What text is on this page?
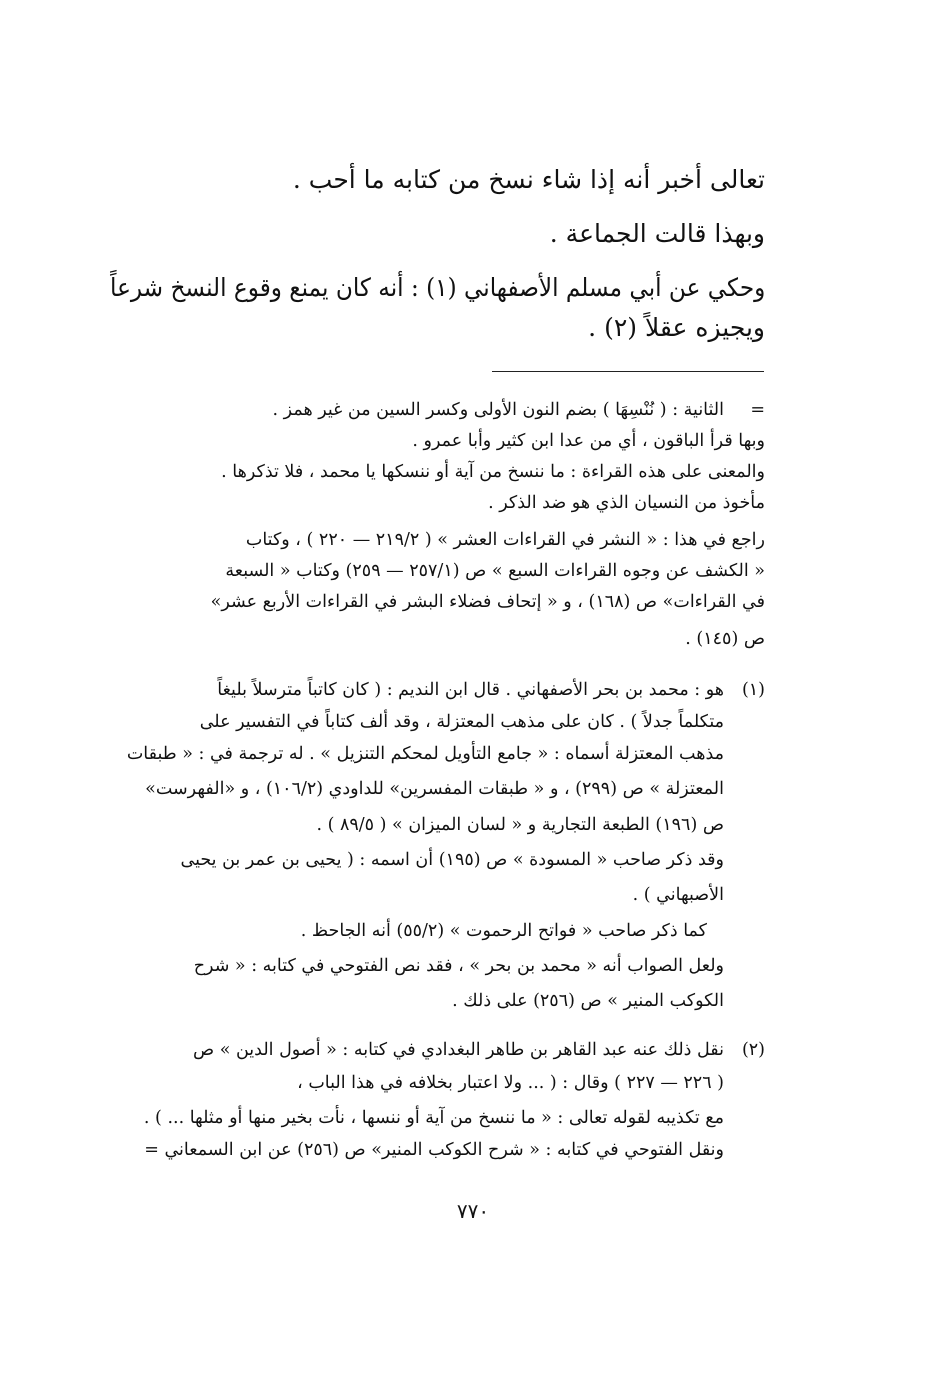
تعالى أخبر أنه إذا شاء نسخ من كتابه ما أحب .
وبهذا قالت الجماعة .
وحكي عن أبي مسلم الأصفهاني (١) : أنه كان يمنع وقوع النسخ شرعاً
ويجيزه عقلاً (٢) .
=
الثانية : ( نُنْسِهَا ) بضم النون الأولى وكسر السين من غير همز .
وبها قرأ الباقون ، أي من عدا ابن كثير وأبا عمرو .
والمعنى على هذه القراءة : ما ننسخ من آية أو ننسكها يا محمد ، فلا تذكرها .
مأخوذ من النسيان الذي هو ضد الذكر .
راجع في هذا : « النشر في القراءات العشر » ( ٢١٩/٢ — ٢٢٠ ) ، وكتاب
« الكشف عن وجوه القراءات السبع » ص (٢٥٧/١ — ٢٥٩) وكتاب « السبعة
في القراءات» ص (١٦٨) ، و « إتحاف فضلاء البشر في القراءات الأربع عشر»
ص (١٤٥) .
(١)
هو : محمد بن بحر الأصفهاني . قال ابن النديم : ( كان كاتباً مترسلاً بليغاً
متكلماً جدلاً ) . كان على مذهب المعتزلة ، وقد ألف كتاباً في التفسير على
مذهب المعتزلة أسماه : « جامع التأويل لمحكم التنزيل » . له ترجمة في : « طبقات
المعتزلة » ص (٢٩٩) ، و « طبقات المفسرين» للداودي (١٠٦/٢) ، و «الفهرست»
ص (١٩٦) الطبعة التجارية و « لسان الميزان » ( ٨٩/٥ ) .
وقد ذكر صاحب « المسودة » ص (١٩٥) أن اسمه : ( يحيى بن عمر بن يحيى
الأصبهاني ) .
كما ذكر صاحب « فواتح الرحموت » (٥٥/٢) أنه الجاحظ .
ولعل الصواب أنه « محمد بن بحر » ، فقد نص الفتوحي في كتابه : « شرح
الكوكب المنير » ص (٢٥٦) على ذلك .
(٢)
نقل ذلك عنه عبد القاهر بن طاهر البغدادي في كتابه : « أصول الدين » ص
( ٢٢٦ — ٢٢٧ ) وقال : ( ... ولا اعتبار بخلافه في هذا الباب ،
مع تكذيبه لقوله تعالى : « ما ننسخ من آية أو ننسها ، نأت بخير منها أو مثلها ... ) .
ونقل الفتوحي في كتابه : « شرح الكوكب المنير» ص (٢٥٦) عن ابن السمعاني =
٧٧٠
